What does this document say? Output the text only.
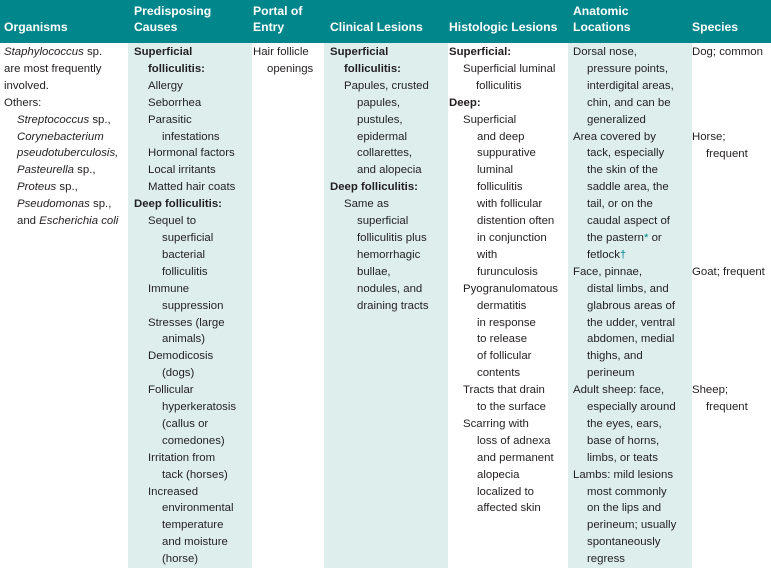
Organisms
Predisposing
Causes
Portal of
Entry	Clinical Lesions Histologic Lesions
Anatomic
Locations	Species
Staphylococcus sp.
are most frequently
involved.
Others:
Streptococcus sp.,
Corynebacterium
pseudotuberculosis,
Pasteurella sp.,
Proteus sp.,
Pseudomonas sp.,
and Escherichia coli
Superficial
folliculitis:
Allergy
Seborrhea
Parasitic
infestations
Hormonal factors
Local irritants
Matted hair coats
Deep folliculitis:
Sequel to
superficial
bacterial
folliculitis
Immune
suppression
Stresses (large
animals)
Demodicosis
(dogs)
Follicular
hyperkeratosis
(callus or
comedones)
Irritation from
tack (horses)
Increased
environmental
temperature
and moisture
(horse)
Hair follicle
openings
Superficial
folliculitis:
Papules, crusted
papules,
pustules,
epidermal
collarettes,
and alopecia
Deep folliculitis:
Same as
superficial
folliculitis plus
hemorrhagic
bullae,
nodules, and
draining tracts
Superficial:
Superficial luminal
folliculitis
Deep:
Superficial
and deep
suppurative
luminal
folliculitis
with follicular
distention often
in conjunction
with
furunculosis
Pyogranulomatous
dermatitis
in response
to release
of follicular
contents
Tracts that drain
to the surface
Scarring with
loss of adnexa
and permanent
alopecia
localized to
affected skin
Dorsal nose,
pressure points,
interdigital areas,
chin, and can be
generalized
Area covered by
tack, especially
the skin of the
saddle area, the
tail, or on the
caudal aspect of
the pastern* or
fetlock†
Face, pinnae,
distal limbs, and
glabrous areas of
the udder, ventral
abdomen, medial
thighs, and
perineum
Adult sheep: face,
especially around
the eyes, ears,
base of horns,
limbs, or teats
Lambs: mild lesions
most commonly
on the lips and
perineum; usually
spontaneously
regress
Dog; common
Horse;
frequent
Goat; frequent
Sheep;
frequent
